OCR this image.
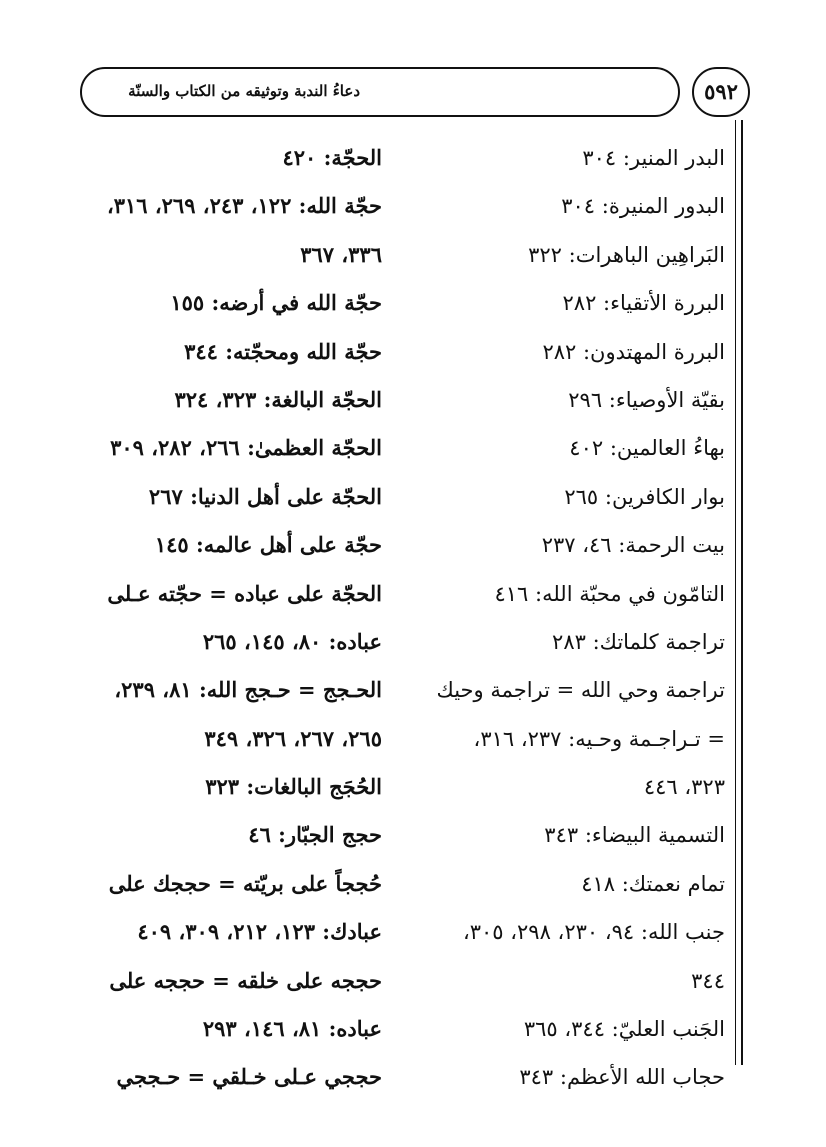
دعاءُ الندبة وتوثيقه من الكتاب والسنّة	٥٩٢
البدر المنير: ٣٠٤
البدور المنيرة: ٣٠٤
البَراهِين الباهرات: ٣٢٢
البررة الأتقياء: ٢٨٢
البررة المهتدون: ٢٨٢
بقيّة الأوصياء: ٢٩٦
بهاءُ العالمين: ٤٠٢
بوار الكافرين: ٢٦٥
بيت الرحمة: ٤٦، ٢٣٧
التامّون في محبّة الله: ٤١٦
تراجمة كلماتك: ٢٨٣
تراجمة وحي الله = تراجمة وحيك
= تـراجـمة وحـيه: ٢٣٧، ٣١٦،
٣٢٣، ٤٤٦
التسمية البيضاء: ٣٤٣
تمام نعمتك: ٤١٨
جنب الله: ٩٤، ٢٣٠، ٢٩٨، ٣٠٥،
٣٤٤
الجَنب العليّ: ٣٤٤، ٣٦٥
حجاب الله الأعظم: ٣٤٣
الحجّة: ٤٢٠
حجّة الله: ١٢٢، ٢٤٣، ٢٦٩، ٣١٦،
٣٣٦، ٣٦٧
حجّة الله في أرضه: ١٥٥
حجّة الله ومحجّته: ٣٤٤
الحجّة البالغة: ٣٢٣، ٣٢٤
الحجّة العظمىٰ: ٢٦٦، ٢٨٢، ٣٠٩
الحجّة على أهل الدنيا: ٢٦٧
حجّة على أهل عالمه: ١٤٥
الحجّة على عباده = حجّته عـلى
عباده: ٨٠، ١٤٥، ٢٦٥
الحـجج = حـجج الله: ٨١، ٢٣٩،
٢٦٥، ٢٦٧، ٣٢٦، ٣٤٩
الحُجَج البالغات: ٣٢٣
حجج الجبّار: ٤٦
حُججاً على بريّته = حججك على
عبادك: ١٢٣، ٢١٢، ٣٠٩، ٤٠٩
حججه على خلقه = حججه على
عباده: ٨١، ١٤٦، ٢٩٣
حججي عـلى خـلقي = حـججي
